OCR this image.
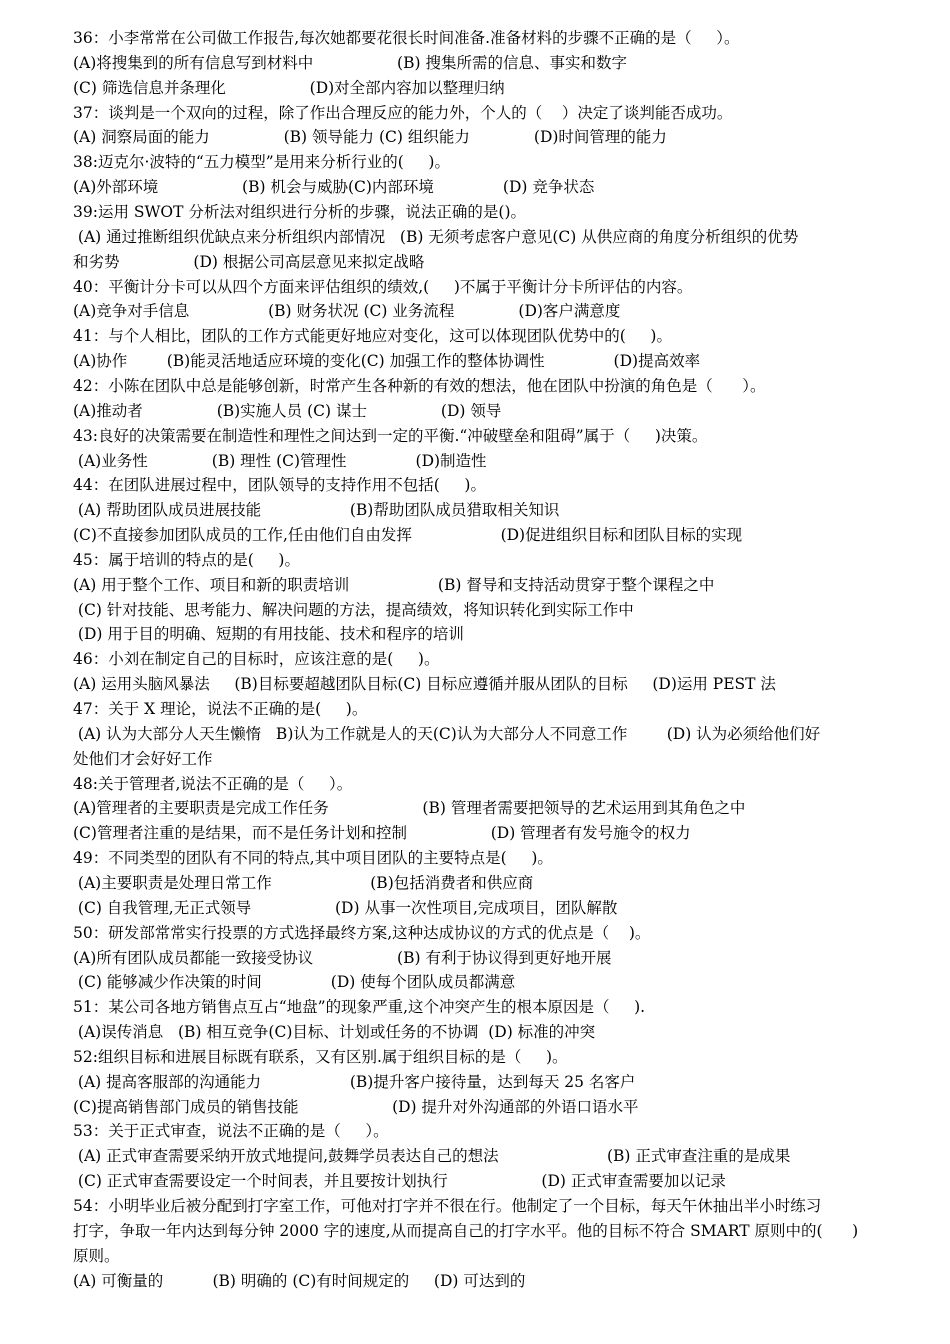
36：小李常常在公司做工作报告,每次她都要花很长时间准备.准备材料的步骤不正确的是（     ）。
(A)将搜集到的所有信息写到材料中                 (B) 搜集所需的信息、事实和数字
(C) 筛选信息并条理化                 (D)对全部内容加以整理归纳
37：谈判是一个双向的过程，除了作出合理反应的能力外，个人的（    ）决定了谈判能否成功。
(A) 洞察局面的能力               (B) 领导能力 (C) 组织能力             (D)时间管理的能力
38:迈克尔·波特的“五力模型”是用来分析行业的(     )。
(A)外部环境                 (B) 机会与威胁(C)内部环境              (D) 竞争状态
39:运用 SWOT 分析法对组织进行分析的步骤，说法正确的是()。
(A) 通过推断组织优缺点来分析组织内部情况   (B) 无须考虑客户意见(C) 从供应商的角度分析组织的优势
和劣势               (D) 根据公司高层意见来拟定战略
40：平衡计分卡可以从四个方面来评估组织的绩效,(     )不属于平衡计分卡所评估的内容。
(A)竞争对手信息                (B) 财务状况 (C) 业务流程             (D)客户满意度
41：与个人相比，团队的工作方式能更好地应对变化，这可以体现团队优势中的(     )。
(A)协作        (B)能灵活地适应环境的变化(C) 加强工作的整体协调性              (D)提高效率
42：小陈在团队中总是能够创新，时常产生各种新的有效的想法，他在团队中扮演的角色是（      ）。
(A)推动者               (B)实施人员 (C) 谋士               (D) 领导
43:良好的决策需要在制造性和理性之间达到一定的平衡.“冲破壁垒和阻碍”属于（     )决策。
(A)业务性             (B) 理性 (C)管理性              (D)制造性
44：在团队进展过程中，团队领导的支持作用不包括(     )。
(A) 帮助团队成员进展技能                  (B)帮助团队成员猎取相关知识
(C)不直接参加团队成员的工作,任由他们自由发挥                  (D)促进组织目标和团队目标的实现
45：属于培训的特点的是(     )。
(A) 用于整个工作、项目和新的职责培训                  (B) 督导和支持活动贯穿于整个课程之中
(C) 针对技能、思考能力、解决问题的方法，提高绩效，将知识转化到实际工作中
(D) 用于目的明确、短期的有用技能、技术和程序的培训
46：小刘在制定自己的目标时，应该注意的是(     )。
(A) 运用头脑风暴法     (B)目标要超越团队目标(C) 目标应遵循并服从团队的目标     (D)运用 PEST 法
47：关于 X 理论，说法不正确的是(     )。
(A) 认为大部分人天生懒惰   B)认为工作就是人的天(C)认为大部分人不同意工作        (D) 认为必须给他们好
处他们才会好好工作
48:关于管理者,说法不正确的是（     ）。
(A)管理者的主要职责是完成工作任务                   (B) 管理者需要把领导的艺术运用到其角色之中
(C)管理者注重的是结果，而不是任务计划和控制                 (D) 管理者有发号施令的权力
49：不同类型的团队有不同的特点,其中项目团队的主要特点是(     )。
(A)主要职责是处理日常工作                    (B)包括消费者和供应商
(C) 自我管理,无正式领导                 (D) 从事一次性项目,完成项目，团队解散
50：研发部常常实行投票的方式选择最终方案,这种达成协议的方式的优点是（    )。
(A)所有团队成员都能一致接受协议                 (B) 有利于协议得到更好地开展
(C) 能够减少作决策的时间              (D) 使每个团队成员都满意
51：某公司各地方销售点互占“地盘”的现象严重,这个冲突产生的根本原因是（     ).
(A)误传消息   (B) 相互竞争(C)目标、计划或任务的不协调  (D) 标准的冲突
52:组织目标和进展目标既有联系，又有区别.属于组织目标的是（     )。
(A) 提高客服部的沟通能力                  (B)提升客户接待量，达到每天 25 名客户
(C)提高销售部门成员的销售技能                   (D) 提升对外沟通部的外语口语水平
53：关于正式审查，说法不正确的是（     ）。
(A) 正式审查需要采纳开放式地提问,鼓舞学员表达自己的想法                      (B) 正式审查注重的是成果
(C) 正式审查需要设定一个时间表，并且要按计划执行                   (D) 正式审查需要加以记录
54：小明毕业后被分配到打字室工作，可他对打字并不很在行。他制定了一个目标，每天午休抽出半小时练习
打字，争取一年内达到每分钟 2000 字的速度,从而提高自己的打字水平。他的目标不符合 SMART 原则中的(      )
原则。
(A) 可衡量的          (B) 明确的 (C)有时间规定的     (D) 可达到的
